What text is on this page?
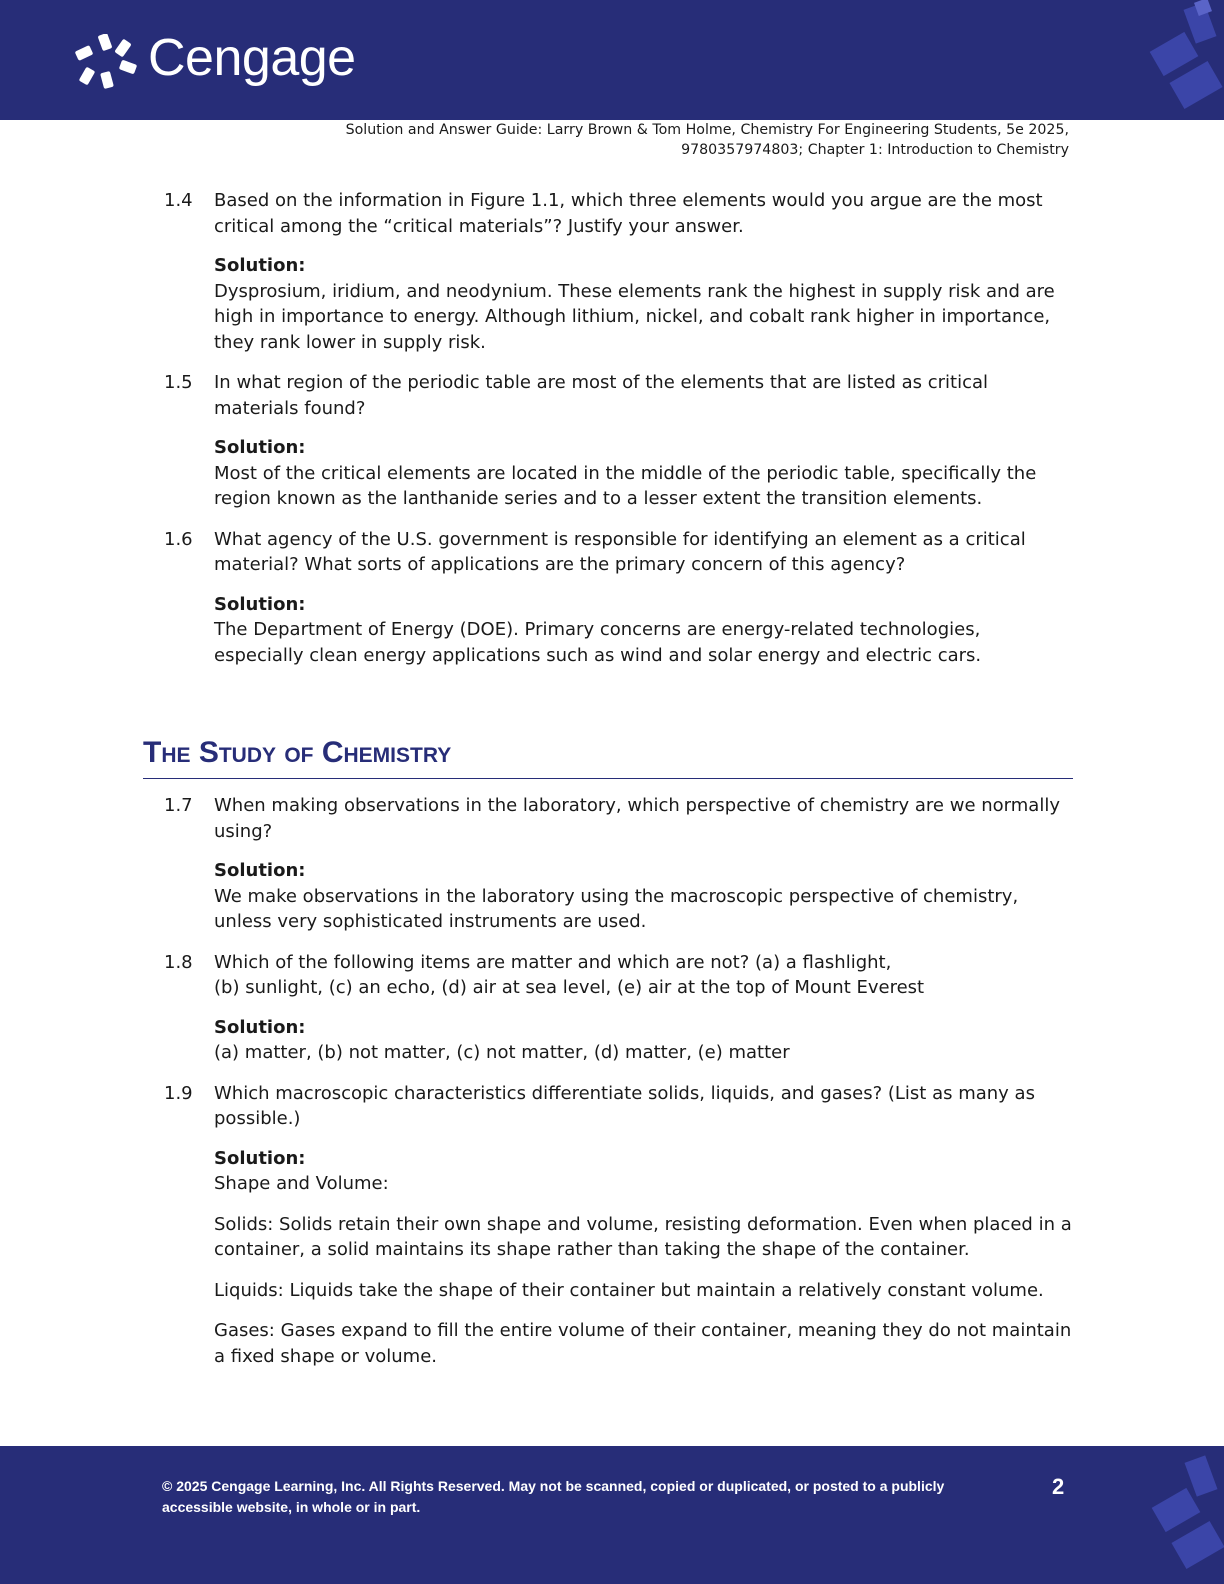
Cengage
Solution and Answer Guide: Larry Brown & Tom Holme, Chemistry For Engineering Students, 5e 2025,
9780357974803; Chapter 1: Introduction to Chemistry
1.4	Based on the information in Figure 1.1, which three elements would you argue are the most critical among the “critical materials”? Justify your answer.
Solution:
Dysprosium, iridium, and neodynium. These elements rank the highest in supply risk and are high in importance to energy. Although lithium, nickel, and cobalt rank higher in importance, they rank lower in supply risk.
1.5	In what region of the periodic table are most of the elements that are listed as critical materials found?
Solution:
Most of the critical elements are located in the middle of the periodic table, specifically the region known as the lanthanide series and to a lesser extent the transition elements.
1.6	What agency of the U.S. government is responsible for identifying an element as a critical material? What sorts of applications are the primary concern of this agency?
Solution:
The Department of Energy (DOE). Primary concerns are energy-related technologies, especially clean energy applications such as wind and solar energy and electric cars.
The Study of Chemistry
1.7	When making observations in the laboratory, which perspective of chemistry are we normally using?
Solution:
We make observations in the laboratory using the macroscopic perspective of chemistry, unless very sophisticated instruments are used.
1.8	Which of the following items are matter and which are not? (a) a flashlight,
(b) sunlight, (c) an echo, (d) air at sea level, (e) air at the top of Mount Everest
Solution:
(a) matter, (b) not matter, (c) not matter, (d) matter, (e) matter
1.9	Which macroscopic characteristics differentiate solids, liquids, and gases? (List as many as possible.)
Solution:
Shape and Volume:
Solids: Solids retain their own shape and volume, resisting deformation. Even when placed in a container, a solid maintains its shape rather than taking the shape of the container.
Liquids: Liquids take the shape of their container but maintain a relatively constant volume.
Gases: Gases expand to fill the entire volume of their container, meaning they do not maintain a fixed shape or volume.
© 2025 Cengage Learning, Inc. All Rights Reserved. May not be scanned, copied or duplicated, or posted to a publicly accessible website, in whole or in part.
2
